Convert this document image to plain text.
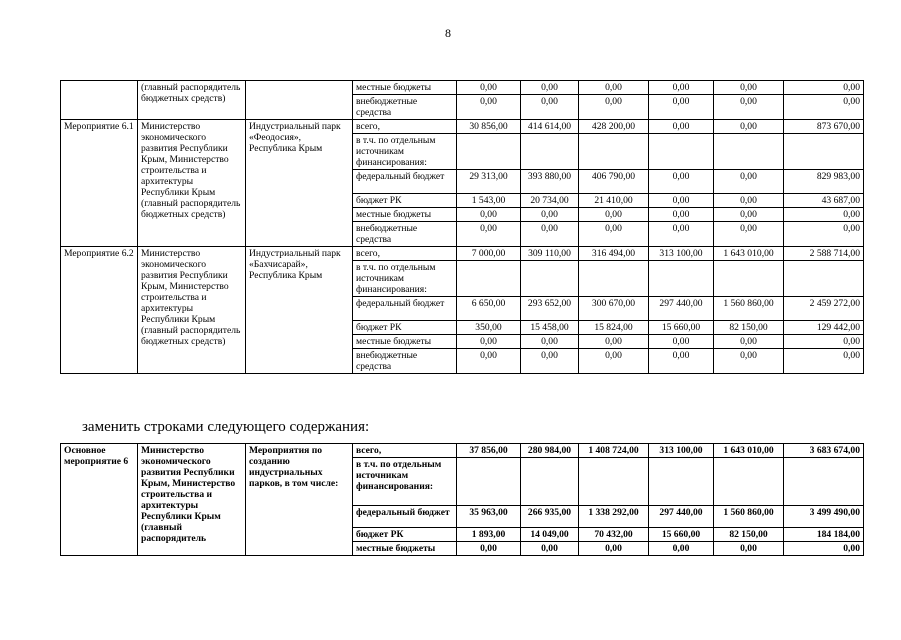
8
	(главный распорядитель бюджетных средств)		местные бюджеты	0,00	0,00	0,00	0,00	0,00	0,00
			внебюджетные средства	0,00	0,00	0,00	0,00	0,00	0,00
Мероприятие 6.1	Министерство экономического развития Республики Крым, Министерство строительства и архитектуры Республики Крым (главный распорядитель бюджетных средств)	Индустриальный парк «Феодосия», Республика Крым	всего,	30 856,00	414 614,00	428 200,00	0,00	0,00	873 670,00
			в т.ч. по отдельным источникам финансирования:						
			федеральный бюджет	29 313,00	393 880,00	406 790,00	0,00	0,00	829 983,00
			бюджет РК	1 543,00	20 734,00	21 410,00	0,00	0,00	43 687,00
			местные бюджеты	0,00	0,00	0,00	0,00	0,00	0,00
			внебюджетные средства	0,00	0,00	0,00	0,00	0,00	0,00
Мероприятие 6.2	Министерство экономического развития Республики Крым, Министерство строительства и архитектуры Республики Крым (главный распорядитель бюджетных средств)	Индустриальный парк «Бахчисарай», Республика Крым	всего,	7 000,00	309 110,00	316 494,00	313 100,00	1 643 010,00	2 588 714,00
			в т.ч. по отдельным источникам финансирования:						
			федеральный бюджет	6 650,00	293 652,00	300 670,00	297 440,00	1 560 860,00	2 459 272,00
			бюджет РК	350,00	15 458,00	15 824,00	15 660,00	82 150,00	129 442,00
			местные бюджеты	0,00	0,00	0,00	0,00	0,00	0,00
			внебюджетные средства	0,00	0,00	0,00	0,00	0,00	0,00
заменить строками следующего содержания:
Основное мероприятие 6	Министерство экономического развития Республики Крым, Министерство строительства и архитектуры Республики Крым (главный распорядитель	Мероприятия по созданию индустриальных парков, в том числе:	всего,	37 856,00	280 984,00	1 408 724,00	313 100,00	1 643 010,00	3 683 674,00
			в т.ч. по отдельным источникам финансирования:						
			федеральный бюджет	35 963,00	266 935,00	1 338 292,00	297 440,00	1 560 860,00	3 499 490,00
			бюджет РК	1 893,00	14 049,00	70 432,00	15 660,00	82 150,00	184 184,00
			местные бюджеты	0,00	0,00	0,00	0,00	0,00	0,00
